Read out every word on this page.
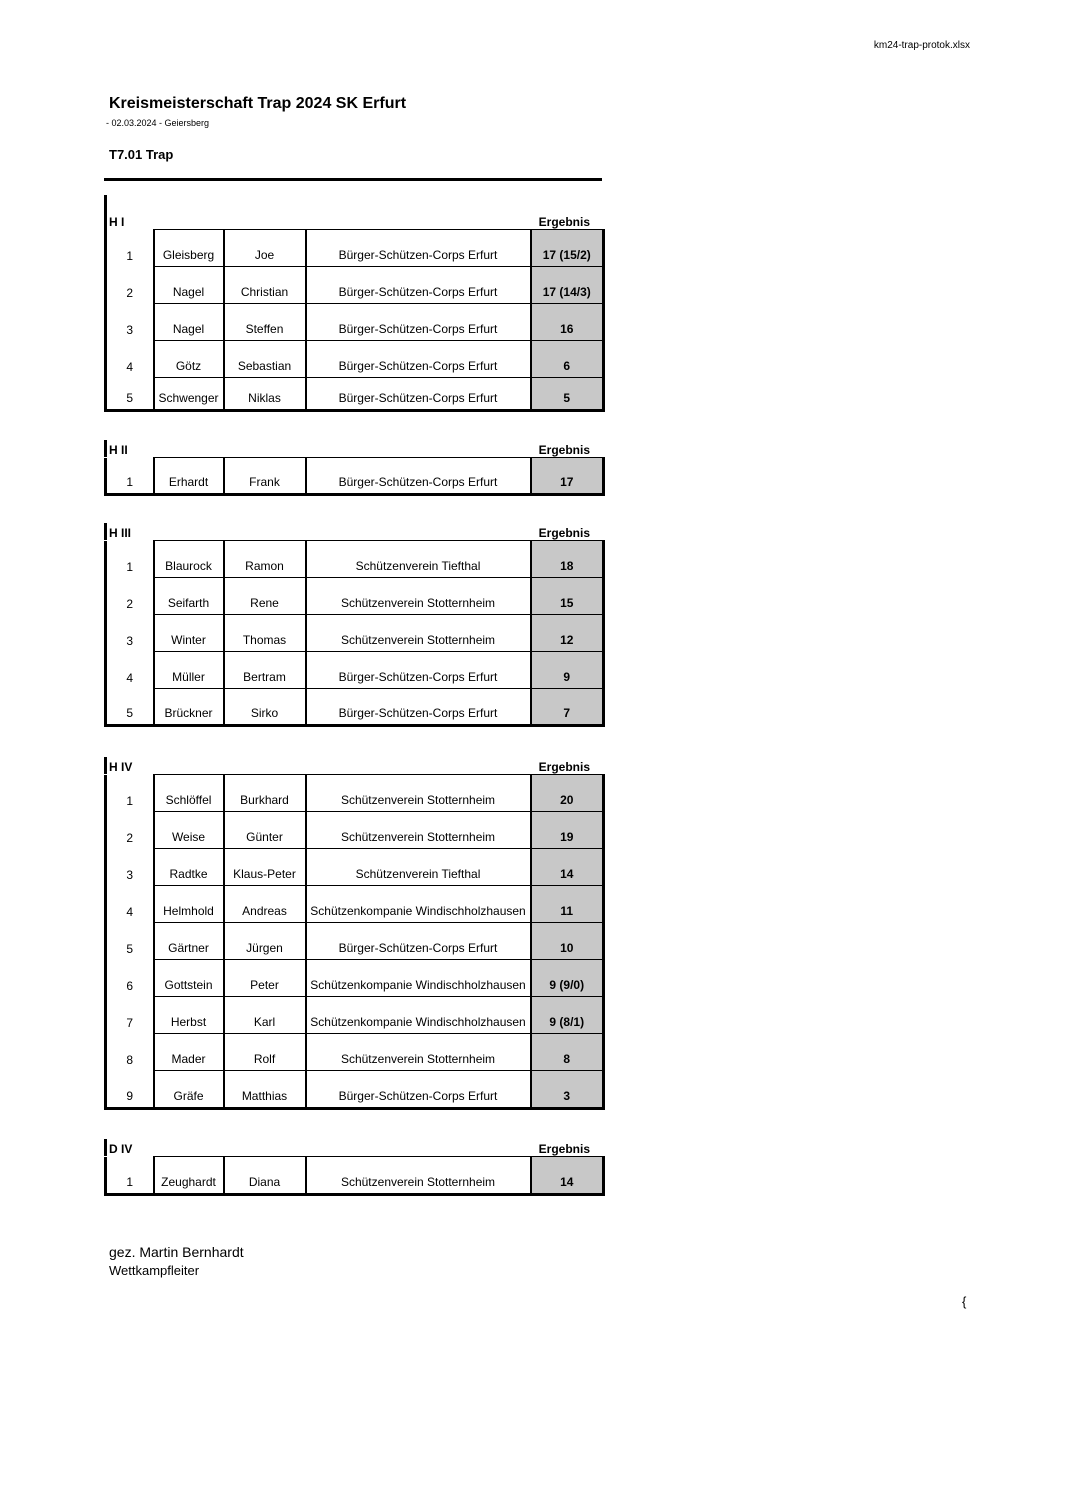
km24-trap-protok.xlsx
Kreismeisterschaft Trap 2024 SK Erfurt
- 02.03.2024 - Geiersberg
T7.01 Trap
H I	Ergebnis
1	Gleisberg	Joe	Bürger-Schützen-Corps Erfurt	17 (15/2)
2	Nagel	Christian	Bürger-Schützen-Corps Erfurt	17 (14/3)
3	Nagel	Steffen	Bürger-Schützen-Corps Erfurt	16
4	Götz	Sebastian	Bürger-Schützen-Corps Erfurt	6
5	Schwenger	Niklas	Bürger-Schützen-Corps Erfurt	5
H II	Ergebnis
1	Erhardt	Frank	Bürger-Schützen-Corps Erfurt	17
H III	Ergebnis
1	Blaurock	Ramon	Schützenverein Tiefthal	18
2	Seifarth	Rene	Schützenverein Stotternheim	15
3	Winter	Thomas	Schützenverein Stotternheim	12
4	Müller	Bertram	Bürger-Schützen-Corps Erfurt	9
5	Brückner	Sirko	Bürger-Schützen-Corps Erfurt	7
H IV	Ergebnis
1	Schlöffel	Burkhard	Schützenverein Stotternheim	20
2	Weise	Günter	Schützenverein Stotternheim	19
3	Radtke	Klaus-Peter	Schützenverein Tiefthal	14
4	Helmhold	Andreas	Schützenkompanie Windischholzhausen	11
5	Gärtner	Jürgen	Bürger-Schützen-Corps Erfurt	10
6	Gottstein	Peter	Schützenkompanie Windischholzhausen	9 (9/0)
7	Herbst	Karl	Schützenkompanie Windischholzhausen	9 (8/1)
8	Mader	Rolf	Schützenverein Stotternheim	8
9	Gräfe	Matthias	Bürger-Schützen-Corps Erfurt	3
D IV	Ergebnis
1	Zeughardt	Diana	Schützenverein Stotternheim	14
gez. Martin Bernhardt
Wettkampfleiter
{
